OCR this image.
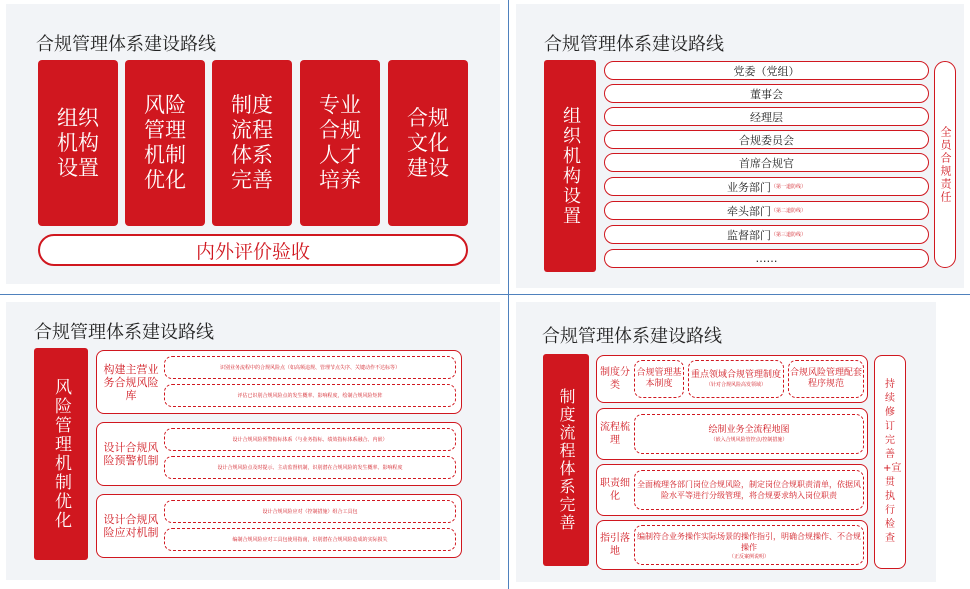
合规管理体系建设路线
组织机构设置
风险管理机制优化
制度流程体系完善
专业合规人才培养
合规文化建设
内外评价验收
合规管理体系建设路线
组织机构设置
党委（党组）
董事会
经理层
合规委员会
首席合规官
业务部门 （第一道防线）
牵头部门 （第二道防线）
监督部门 （第三道防线）
……
全员合规责任
合规管理体系建设路线
风险管理机制优化
构建主营业务合规风险库
识别业务流程中的合规风险点（如高频违规、管理节点失序、关键动作不达标等）
评估已识别合规风险点的发生概率、影响程度，绘制合规风险矩阵
设计合规风险预警机制
设计合规风险预警指标体系（与业务指标、绩效指标体系融合、内嵌）
设计合规风险点及时提示、主动监督机制，识别潜在合规风险的发生概率、影响程度
设计合规风险应对机制
设计合规风险应对（控制措施）组合工具包
编制合规风险应对工具包使用指南，识别潜在合规风险造成的实际损失
合规管理体系建设路线
制度流程体系完善
制度分类
合规管理基本制度
重点领域合规管理制度
（针对合规风险高发领域）
合规风险管理配套程序规范
流程梳理
绘制业务全流程地图
（嵌入合规风险管控点/控制措施）
职责细化
全面梳理各部门岗位合规风险，制定岗位合规职责清单，依据风险水平等进行分级管理，将合规要求纳入岗位职责
指引落地
编制符合业务操作实际场景的操作指引，明确合规操作、不合规操作
（正反案例说明）
持续修订完善+宣贯执行检查
